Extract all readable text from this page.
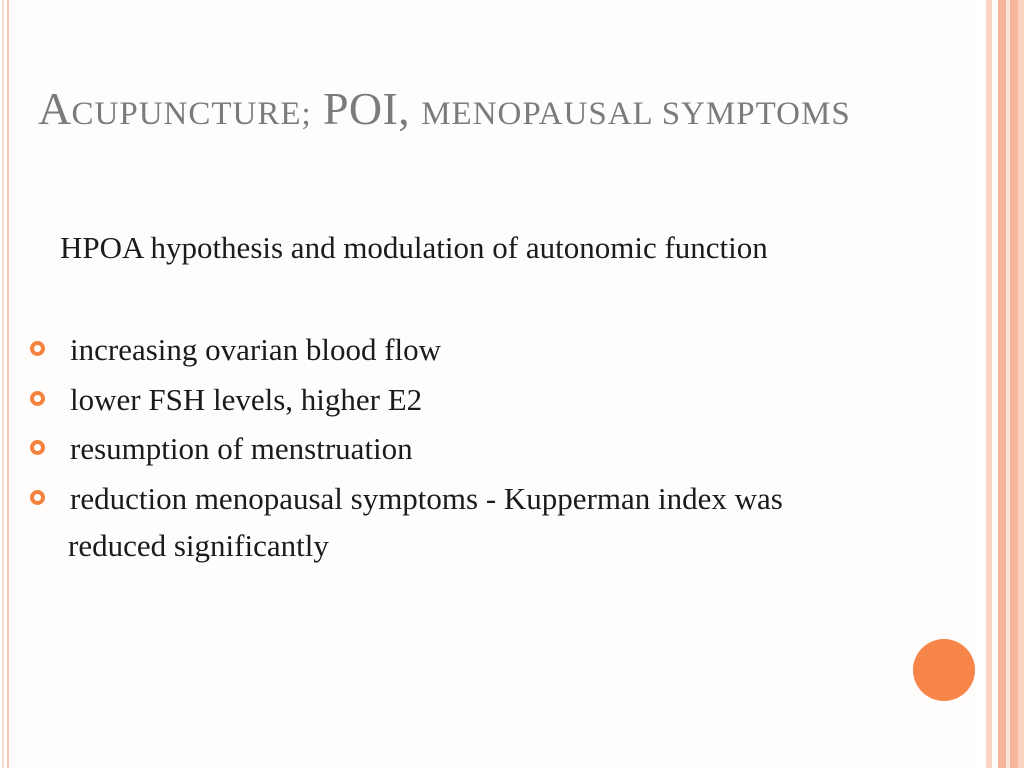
ACUPUNCTURE; POI, MENOPAUSAL SYMPTOMS
HPOA hypothesis and modulation of autonomic function
increasing ovarian blood flow
lower FSH levels, higher E2
resumption of menstruation
reduction menopausal symptoms - Kupperman index was
reduced significantly
